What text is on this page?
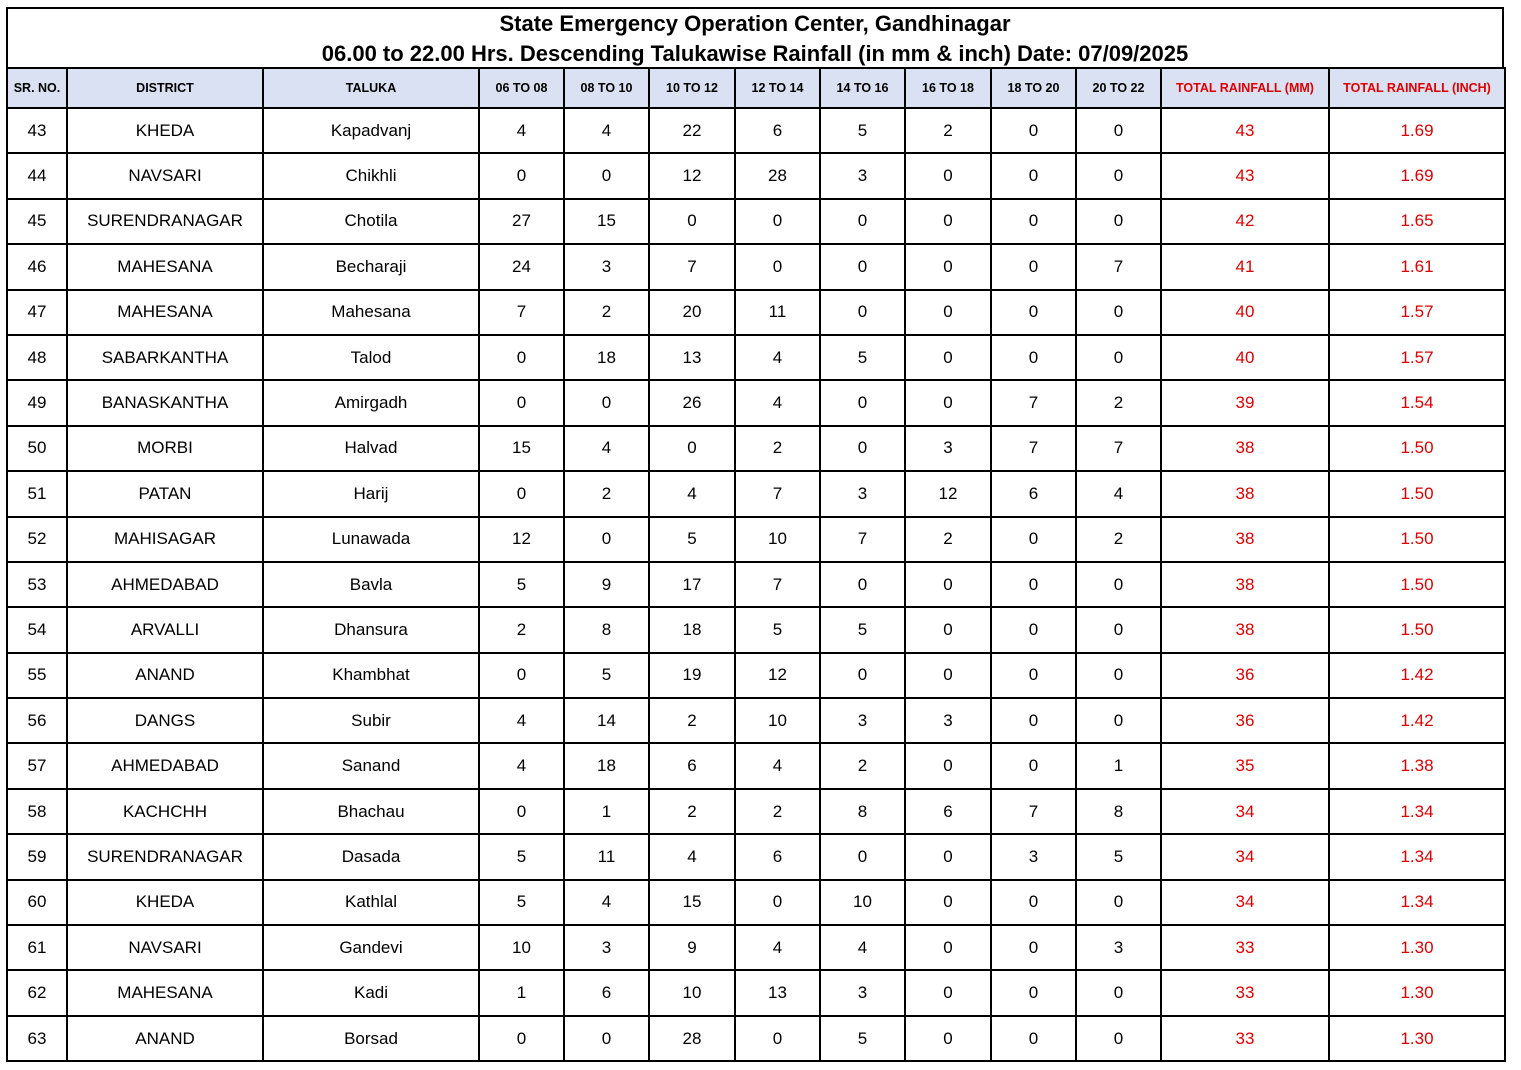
State Emergency Operation Center, Gandhinagar
06.00 to 22.00 Hrs. Descending Talukawise Rainfall (in mm & inch) Date: 07/09/2025
SR. NO.	DISTRICT	TALUKA	06 TO 08	08 TO 10	10 TO 12	12 TO 14	14 TO 16	16 TO 18	18 TO 20	20 TO 22	TOTAL RAINFALL (MM)	TOTAL RAINFALL (INCH)
43	KHEDA	Kapadvanj	4	4	22	6	5	2	0	0	43	1.69
44	NAVSARI	Chikhli	0	0	12	28	3	0	0	0	43	1.69
45	SURENDRANAGAR	Chotila	27	15	0	0	0	0	0	0	42	1.65
46	MAHESANA	Becharaji	24	3	7	0	0	0	0	7	41	1.61
47	MAHESANA	Mahesana	7	2	20	11	0	0	0	0	40	1.57
48	SABARKANTHA	Talod	0	18	13	4	5	0	0	0	40	1.57
49	BANASKANTHA	Amirgadh	0	0	26	4	0	0	7	2	39	1.54
50	MORBI	Halvad	15	4	0	2	0	3	7	7	38	1.50
51	PATAN	Harij	0	2	4	7	3	12	6	4	38	1.50
52	MAHISAGAR	Lunawada	12	0	5	10	7	2	0	2	38	1.50
53	AHMEDABAD	Bavla	5	9	17	7	0	0	0	0	38	1.50
54	ARVALLI	Dhansura	2	8	18	5	5	0	0	0	38	1.50
55	ANAND	Khambhat	0	5	19	12	0	0	0	0	36	1.42
56	DANGS	Subir	4	14	2	10	3	3	0	0	36	1.42
57	AHMEDABAD	Sanand	4	18	6	4	2	0	0	1	35	1.38
58	KACHCHH	Bhachau	0	1	2	2	8	6	7	8	34	1.34
59	SURENDRANAGAR	Dasada	5	11	4	6	0	0	3	5	34	1.34
60	KHEDA	Kathlal	5	4	15	0	10	0	0	0	34	1.34
61	NAVSARI	Gandevi	10	3	9	4	4	0	0	3	33	1.30
62	MAHESANA	Kadi	1	6	10	13	3	0	0	0	33	1.30
63	ANAND	Borsad	0	0	28	0	5	0	0	0	33	1.30
